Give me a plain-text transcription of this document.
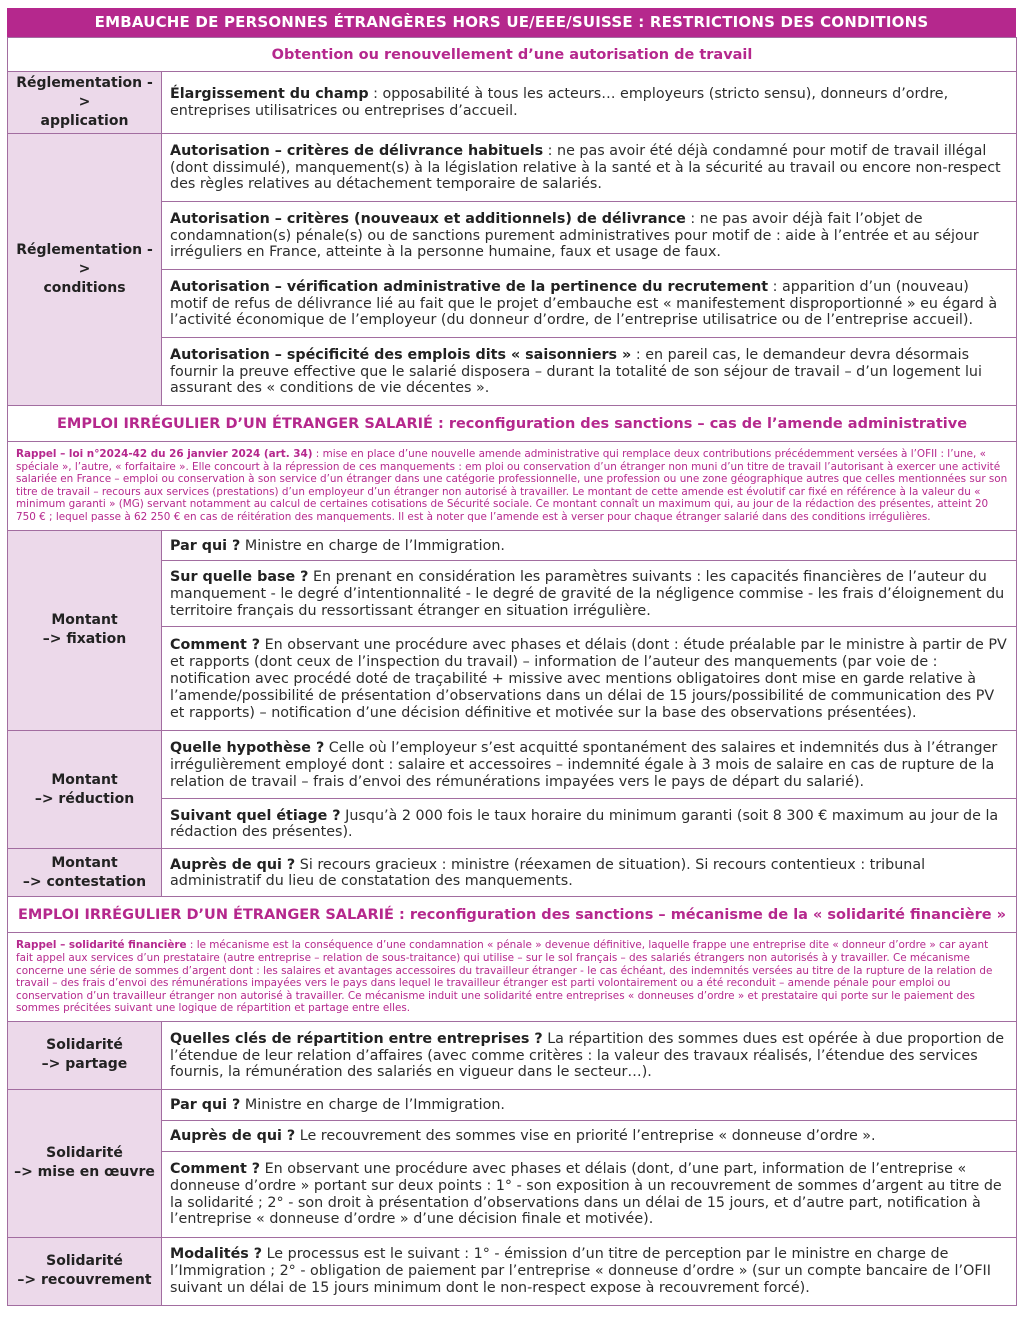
EMBAUCHE DE PERSONNES ÉTRANGÈRES HORS UE/EEE/SUISSE : RESTRICTIONS DES CONDITIONS
Obtention ou renouvellement d’une autorisation de travail	
Réglementation ->
application	Élargissement du champ : opposabilité à tous les acteurs… employeurs (stricto sensu), donneurs d’ordre, entreprises utilisatrices ou entreprises d’accueil.
Réglementation ->
conditions	Autorisation – critères de délivrance habituels : ne pas avoir été déjà condamné pour motif de travail illégal (dont dissimulé), manquement(s) à la législation relative à la santé et à la sécurité au travail ou encore non-respect des règles relatives au détachement temporaire de salariés.
	Autorisation – critères (nouveaux et additionnels) de délivrance : ne pas avoir déjà fait l’objet de condamnation(s) pénale(s) ou de sanctions purement administratives pour motif de : aide à l’entrée et au séjour irréguliers en France, atteinte à la personne humaine, faux et usage de faux.
	Autorisation – vérification administrative de la pertinence du recrutement : apparition d’un (nouveau) motif de refus de délivrance lié au fait que le projet d’embauche est « manifestement disproportionné » eu égard à l’activité économique de l’employeur (du donneur d’ordre, de l’entreprise utilisatrice ou de l’entreprise accueil).
	Autorisation – spécificité des emplois dits « saisonniers » : en pareil cas, le demandeur devra désormais fournir la preuve effective que le salarié disposera – durant la totalité de son séjour de travail – d’un logement lui assurant des « conditions de vie décentes ».
EMPLOI IRRÉGULIER D’UN ÉTRANGER SALARIÉ : reconfiguration des sanctions – cas de l’amende administrative	
Rappel – loi n°2024-42 du 26 janvier 2024 (art. 34) : mise en place d’une nouvelle amende administrative qui remplace deux contributions précédemment versées à l’OFII : l’une, « spéciale », l’autre, « forfaitaire ». Elle concourt à la répression de ces manquements : em ploi ou conservation d’un étranger non muni d’un titre de travail l’autorisant à exercer une activité salariée en France – emploi ou conservation à son service d’un étranger dans une catégorie professionnelle, une profession ou une zone géographique autres que celles mentionnées sur son titre de travail – recours aux services (prestations) d’un employeur d’un étranger non autorisé à travailler. Le montant de cette amende est évolutif car fixé en référence à la valeur du « minimum garanti » (MG) servant notamment au calcul de certaines cotisations de Sécurité sociale. Ce montant connaît un maximum qui, au jour de la rédaction des présentes, atteint 20 750 € ; lequel passe à 62 250 € en cas de réitération des manquements. Il est à noter que l’amende est à verser pour chaque étranger salarié dans des conditions irrégulières.	
Montant
–> fixation	Par qui ? Ministre en charge de l’Immigration.
	Sur quelle base ? En prenant en considération les paramètres suivants : les capacités financières de l’auteur du manquement - le degré d’intentionnalité - le degré de gravité de la négligence commise - les frais d’éloignement du territoire français du ressortissant étranger en situation irrégulière.
	Comment ? En observant une procédure avec phases et délais (dont : étude préalable par le ministre à partir de PV et rapports (dont ceux de l’inspection du travail) – information de l’auteur des manquements (par voie de : notification avec procédé doté de traçabilité + missive avec mentions obligatoires dont mise en garde relative à l’amende/possibilité de présentation d’observations dans un délai de 15 jours/possibilité de communication des PV et rapports) – notification d’une décision définitive et motivée sur la base des observations présentées).
Montant
–> réduction	Quelle hypothèse ? Celle où l’employeur s’est acquitté spontanément des salaires et indemnités dus à l’étranger irrégulièrement employé dont : salaire et accessoires – indemnité égale à 3 mois de salaire en cas de rupture de la relation de travail – frais d’envoi des rémunérations impayées vers le pays de départ du salarié).
	Suivant quel étiage ? Jusqu’à 2 000 fois le taux horaire du minimum garanti (soit 8 300 € maximum au jour de la rédaction des présentes).
Montant
–> contestation	Auprès de qui ? Si recours gracieux : ministre (réexamen de situation). Si recours contentieux : tribunal administratif du lieu de constatation des manquements.
EMPLOI IRRÉGULIER D’UN ÉTRANGER SALARIÉ : reconfiguration des sanctions – mécanisme de la « solidarité financière »	
Rappel – solidarité financière : le mécanisme est la conséquence d’une condamnation « pénale » devenue définitive, laquelle frappe une entreprise dite « donneur d’ordre » car ayant fait appel aux services d’un prestataire (autre entreprise – relation de sous-traitance) qui utilise – sur le sol français – des salariés étrangers non autorisés à y travailler. Ce mécanisme concerne une série de sommes d’argent dont : les salaires et avantages accessoires du travailleur étranger - le cas échéant, des indemnités versées au titre de la rupture de la relation de travail – des frais d’envoi des rémunérations impayées vers le pays dans lequel le travailleur étranger est parti volontairement ou a été reconduit – amende pénale pour emploi ou conservation d’un travailleur étranger non autorisé à travailler. Ce mécanisme induit une solidarité entre entreprises « donneuses d’ordre » et prestataire qui porte sur le paiement des sommes précitées suivant une logique de répartition et partage entre elles.	
Solidarité
–> partage	Quelles clés de répartition entre entreprises ? La répartition des sommes dues est opérée à due proportion de l’étendue de leur relation d’affaires (avec comme critères : la valeur des travaux réalisés, l’étendue des services fournis, la rémunération des salariés en vigueur dans le secteur…).
Solidarité
–> mise en œuvre	Par qui ? Ministre en charge de l’Immigration.
	Auprès de qui ? Le recouvrement des sommes vise en priorité l’entreprise « donneuse d’ordre ».
	Comment ? En observant une procédure avec phases et délais (dont, d’une part, information de l’entreprise « donneuse d’ordre » portant sur deux points : 1° - son exposition à un recouvrement de sommes d’argent au titre de la solidarité ; 2° - son droit à présentation d’observations dans un délai de 15 jours, et d’autre part, notification à l’entreprise « donneuse d’ordre » d’une décision finale et motivée).
Solidarité
–> recouvrement	Modalités ? Le processus est le suivant : 1° - émission d’un titre de perception par le ministre en charge de l’Immigration ; 2° - obligation de paiement par l’entreprise « donneuse d’ordre » (sur un compte bancaire de l’OFII suivant un délai de 15 jours minimum dont le non-respect expose à recouvrement forcé).
